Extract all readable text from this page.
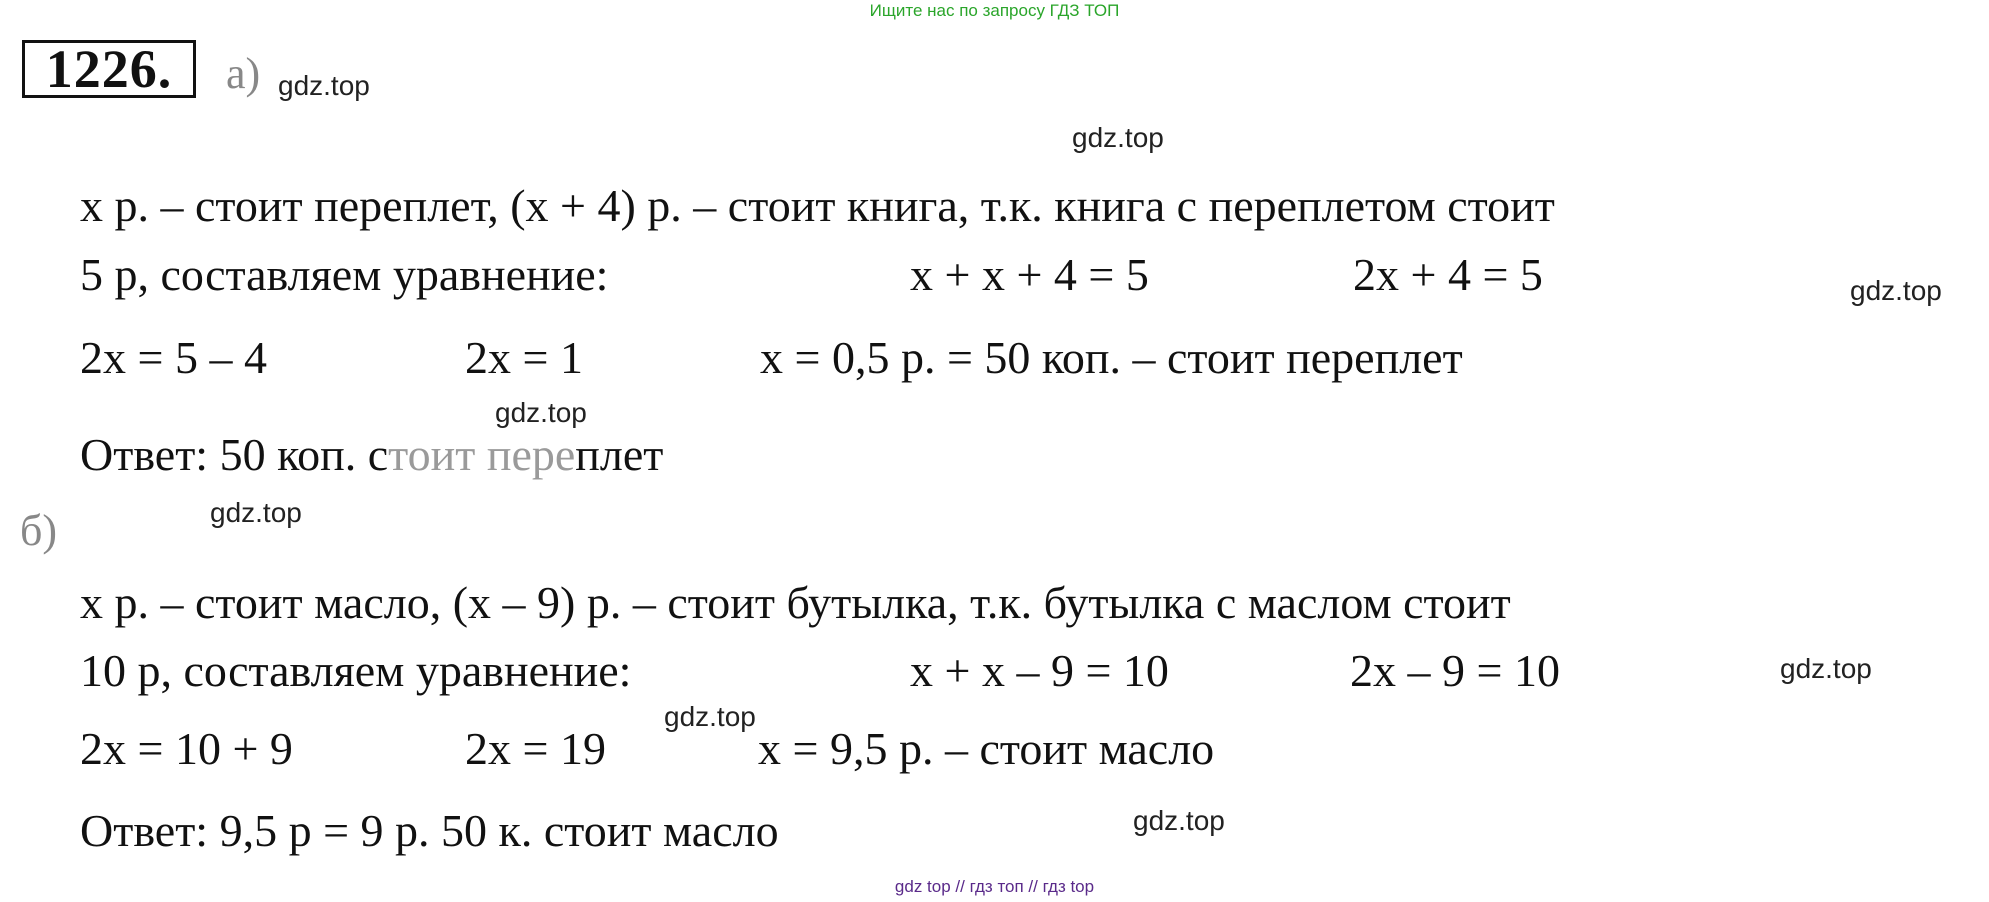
Ищите нас по запросу ГДЗ ТОП
1226.	а)
x р. – стоит переплет, (x + 4) р. – стоит книга, т.к. книга с переплетом стоит
5 р, составляем уравнение:	x + x + 4 = 5	2x + 4 = 5
2x = 5 – 4	2x = 1	x = 0,5 р. = 50 коп. – стоит переплет
Ответ: 50 коп. стоит переплет
б)
x р. – стоит масло, (x – 9) р. – стоит бутылка, т.к. бутылка с маслом стоит
10 р, составляем уравнение:	x + x – 9 = 10	2x – 9 = 10
2x = 10 + 9	2x = 19	x = 9,5 р. – стоит масло
Ответ: 9,5 р = 9 р. 50 к. стоит масло
gdz.top
gdz.top
gdz.top
gdz.top
gdz.top
gdz.top
gdz.top
gdz.top
gdz top // гдз топ // гдз top
